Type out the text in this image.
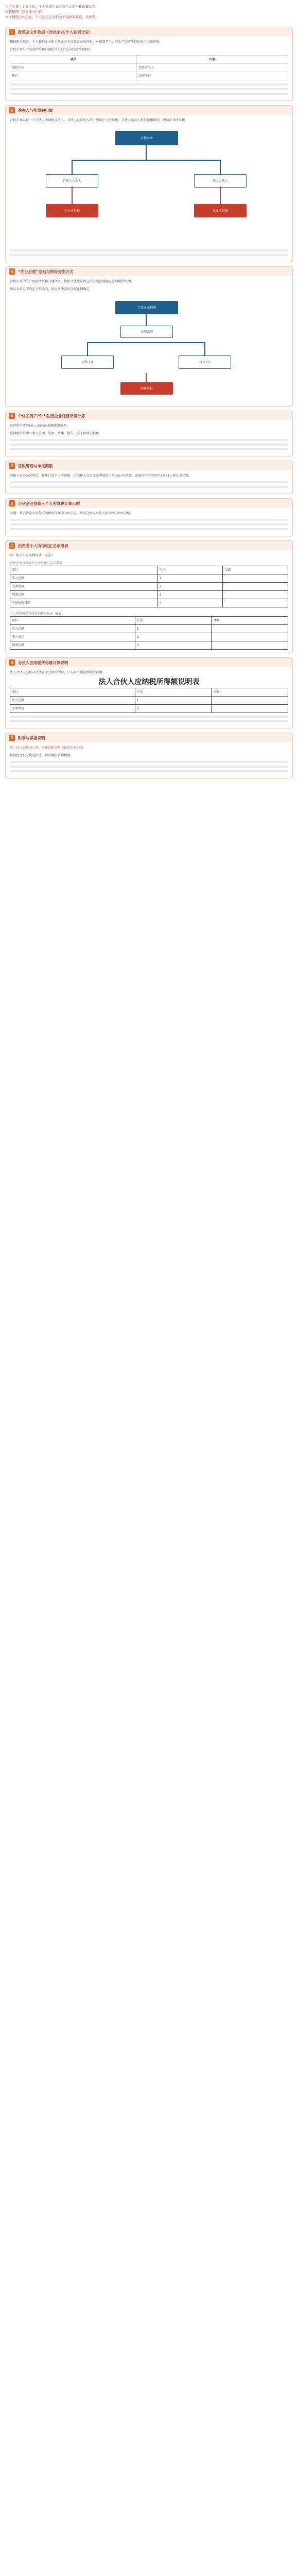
实用干货｜企业合伙、个人独资企业涉及个人所得税政策汇总
转载整理（原文部分内容）
本文梳理合伙企业、个人独资企业相关个税政策要点，供参考。
1	政策及文件依据（合伙企业/个人独资企业）

根据相关规定，个人独资企业和合伙企业不征收企业所得税，对投资者个人的生产经营所得征收个人所得税。

合伙企业生产经营所得和其他所得采取“先分后税”的原则。

项目	内容
纳税主体	投资者个人
税目	经营所得
2	纳税人与所得的归属

合伙企业以每一个合伙人为纳税义务人。合伙人是自然人的，缴纳个人所得税；合伙人是法人和其他组织的，缴纳企业所得税。

合伙企业
自然人合伙人	法人合伙人
个人所得税	企业所得税
3	“先分后税”原则与所得分配方式

合伙企业的生产经营所得和其他所得，按照合伙协议约定的分配比例确定应纳税所得额。

协议未约定或约定不明确的，按协商决定的分配比例确定。

合伙企业利润
分配比例
合伙人A	合伙人B
纳税申报
4	个体工商户/个人独资企业经营所得计算

经营所得适用5%～35%的超额累进税率。

应纳税所得额＝收入总额－成本－费用－损失－准予扣除的税费

5	征收管理与申报期限

纳税人取得经营所得，按年计算个人所得税，由纳税人在月度或季度终了后15日内预缴，在取得所得的次年3月31日前汇算清缴。

6	合伙企业投资人个人所得税计算示例

示例：某合伙企业全年应纳税所得额为100万元，两名自然人合伙人按50%:50%分配。

7	投资者个人所得税汇总申报表

附：相关申报表格样式（示意）

合伙企业投资者个人所得税汇总申报表
项目	行次	金额
收入总额	1	
成本费用	2	
利润总额	3	
应纳税所得额	4	
个人所得税经营所得纳税申报表（B表）
项目	行次	金额
收入总额	1	
成本费用	2	
利润总额	3	
8	合伙人应纳税所得额计算说明

法人合伙人应将从合伙企业分得的所得，计入其当期应纳税所得额。

法人合伙人应纳税所得额说明表
项目	行次	金额
收入总额	1	
成本费用	2	
9	附表与填报说明

注：以上表格为示意，具体以税务机关最新公布为准。

按照税务机关规定格式，如实填报各项数据。
